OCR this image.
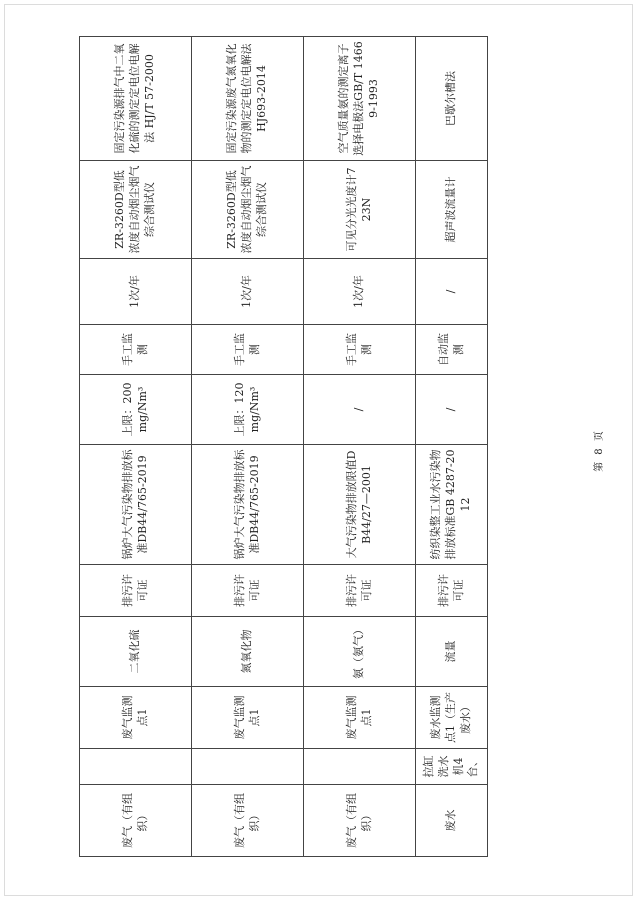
废气（有组织）		废气监测点1	二氧化硫	排污许可证	锅炉大气污染物排放标准DB44/765-2019	上限：200mg/Nm³	手工监测	1次/年	ZR-3260D型低浓度自动烟尘烟气综合测试仪	固定污染源排气中二氧化硫的测定定电位电解法 HJ/T 57-2000
废气（有组织）		废气监测点1	氮氧化物	排污许可证	锅炉大气污染物排放标准DB44/765-2019	上限：120mg/Nm³	手工监测	1次/年	ZR-3260D型低浓度自动烟尘烟气综合测试仪	固定污染源废气氮氧化物的测定定电位电解法HJ693-2014
废气（有组织）		废气监测点1	氨（氨气）	排污许可证	大气污染物排放限值DB44/27—2001	/	手工监测	1次/年	可见分光光度计723N	空气质量氨的测定离子选择电极法GB/T 14669-1993
废水	拉缸洗水机4台、	废水监测点1（生产废水）	流量	排污许可证	纺织染整工业水污染物排放标准GB 4287-2012	/	自动监测	/	超声波流量计	巴歇尔槽法
第 8 页
